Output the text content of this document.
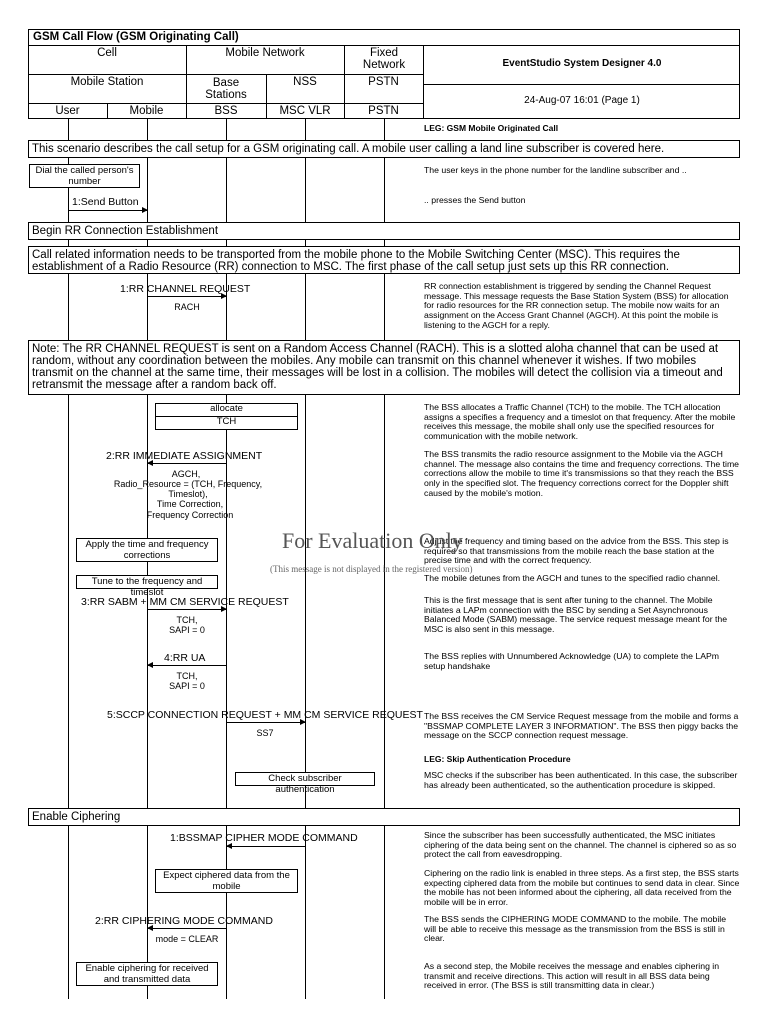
GSM Call Flow (GSM Originating Call)
Cell	Mobile Network	Fixed Network	EventStudio System Designer 4.0
Mobile Station	Base Stations
NSS	PSTN
24-Aug-07 16:01 (Page 1)
User	Mobile	BSS	MSC VLR	PSTN
LEG: GSM Mobile Originated Call
This scenario describes the call setup for a GSM originating call. A mobile user calling a land line subscriber is covered here.
Dial the called person's number
The user keys in the phone number for the landline subscriber and ..
1:Send Button	.. presses the Send button
Begin RR Connection Establishment
Call related information needs to be transported from the mobile phone to the Mobile Switching Center (MSC). This requires the establishment of a Radio Resource (RR) connection to MSC. The first phase of the call setup just sets up this RR connection.
1:RR CHANNEL REQUEST
RACH
RR connection establishment is triggered by sending the Channel Request message. This message requests the Base Station System (BSS) for allocation for radio resources for the RR connection setup. The mobile now waits for an assignment on the Access Grant Channel (AGCH). At this point the mobile is listening to the AGCH for a reply.
Note: The RR CHANNEL REQUEST is sent on a Random Access Channel (RACH). This is a slotted aloha channel that can be used at random, without any coordination between the mobiles. Any mobile can transmit on this channel whenever it wishes. If two mobiles transmit on the channel at the same time, their messages will be lost in a collision. The mobiles will detect the collision via a timeout and retransmit the message after a random back off.
allocate
TCH
The BSS allocates a Traffic Channel (TCH) to the mobile. The TCH allocation assigns a specifies a frequency and a timeslot on that frequency. After the mobile receives this message, the mobile shall only use the specified resources for communication with the mobile network.
2:RR IMMEDIATE ASSIGNMENT
AGCH,
Radio_Resource = (TCH, Frequency,
Timeslot),
Time Correction,
Frequency Correction
The BSS transmits the radio resource assignment to the Mobile via the AGCH channel. The message also contains the time and frequency corrections. The time corrections allow the mobile to time it's transmissions so that they reach the BSS only in the specified slot. The frequency corrections correct for the Doppler shift caused by the mobile's motion.
Apply the time and frequency corrections
Adjust the frequency and timing based on the advice from the BSS. This step is required so that transmissions from the mobile reach the base station at the precise time and with the correct frequency.
Tune to the frequency and timeslot
The mobile detunes from the AGCH and tunes to the specified radio channel.
3:RR SABM + MM CM SERVICE REQUEST
TCH,
SAPI = 0
This is the first message that is sent after tuning to the channel. The Mobile initiates a LAPm connection with the BSC by sending a Set Asynchronous Balanced Mode (SABM) message. The service request message meant for the MSC is also sent in this message.
4:RR UA
TCH,
SAPI = 0
The BSS replies with Unnumbered Acknowledge (UA) to complete the LAPm setup handshake
5:SCCP CONNECTION REQUEST + MM CM SERVICE REQUEST
SS7
The BSS receives the CM Service Request message from the mobile and forms a "BSSMAP COMPLETE LAYER 3 INFORMATION". The BSS then piggy backs the message on the SCCP connection request message.
LEG: Skip Authentication Procedure
Check subscriber authentication
MSC checks if the subscriber has been authenticated. In this case, the subscriber has already been authenticated, so the authentication procedure is skipped.
Enable Ciphering
1:BSSMAP CIPHER MODE COMMAND	Since the subscriber has been successfully authenticated, the MSC initiates ciphering of the data being sent on the channel. The channel is ciphered so as so protect the call from eavesdropping.
Expect ciphered data from the mobile
Ciphering on the radio link is enabled in three steps. As a first step, the BSS starts expecting ciphered data from the mobile but continues to send data in clear. Since the mobile has not been informed about the ciphering, all data received from the mobile will be in error.
2:RR CIPHERING MODE COMMAND
mode = CLEAR
The BSS sends the CIPHERING MODE COMMAND to the mobile. The mobile will be able to receive this message as the transmission from the BSS is still in clear.
Enable ciphering for received and transmitted data
As a second step, the Mobile receives the message and enables ciphering in transmit and receive directions. This action will result in all BSS data being received in error. (The BSS is still transmitting data in clear.)
For Evaluation Only
(This message is not displayed in the registered version)
